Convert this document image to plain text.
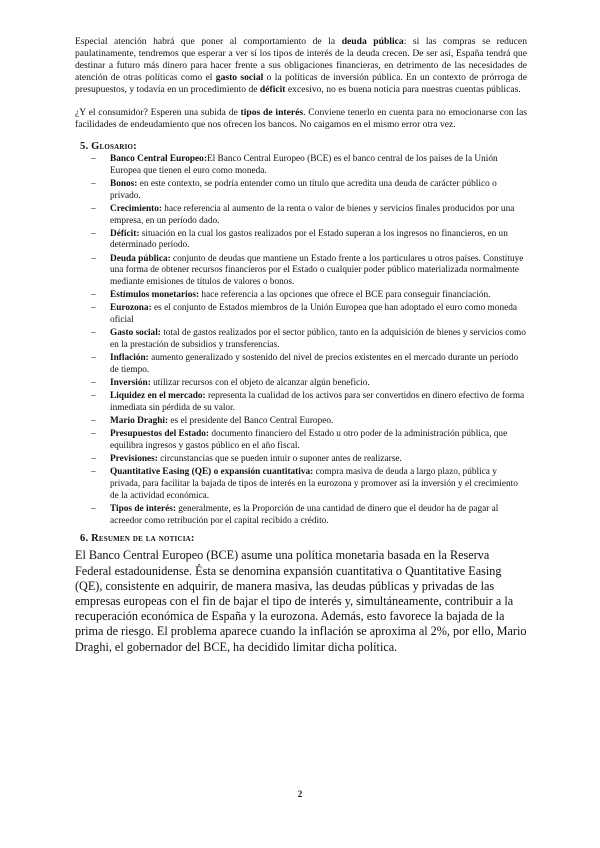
Especial atención habrá que poner al comportamiento de la deuda pública: si las compras se reducen paulatinamente, tendremos que esperar a ver sí los tipos de interés de la deuda crecen. De ser así, España tendrá que destinar a futuro más dinero para hacer frente a sus obligaciones financieras, en detrimento de las necesidades de atención de otras políticas como el gasto social o la políticas de inversión pública. En un contexto de prórroga de presupuestos, y todavía en un procedimiento de déficit excesivo, no es buena noticia para nuestras cuentas públicas.

¿Y el consumidor? Esperen una subida de tipos de interés. Conviene tenerlo en cuenta para no emocionarse con las facilidades de endeudamiento que nos ofrecen los bancos. No caigamos en el mismo error otra vez.

5. Glosario:
– Banco Central Europeo:El Banco Central Europeo (BCE) es el banco central de los países de la Unión Europea que tienen el euro como moneda.
– Bonos: en este contexto, se podría entender como un título que acredita una deuda de carácter público o privado.
– Crecimiento: hace referencia al aumento de la renta o valor de bienes y servicios finales producidos por una empresa, en un período dado.
– Déficit: situación en la cual los gastos realizados por el Estado superan a los ingresos no financieros, en un determinado período.
– Deuda pública: conjunto de deudas que mantiene un Estado frente a los particulares u otros países. Constituye una forma de obtener recursos financieros por el Estado o cualquier poder público materializada normalmente mediante emisiones de títulos de valores o bonos.
– Estímulos monetarios: hace referencia a las opciones que ofrece el BCE para conseguir financiación.
– Eurozona: es el conjunto de Estados miembros de la Unión Europea que han adoptado el euro como moneda oficial
– Gasto social: total de gastos realizados por el sector público, tanto en la adquisición de bienes y servicios como en la prestación de subsidios y transferencias.
– Inflación: aumento generalizado y sostenido del nivel de precios existentes en el mercado durante un período de tiempo.
– Inversión: utilizar recursos con el objeto de alcanzar algún beneficio.
– Liquidez en el mercado: representa la cualidad de los activos para ser convertidos en dinero efectivo de forma inmediata sin pérdida de su valor.
– Mario Draghi: es el presidente del Banco Central Europeo.
– Presupuestos del Estado: documento financiero del Estado u otro poder de la administración pública, que equilibra ingresos y gastos público en el año fiscal.
– Previsiones: circunstancias que se pueden intuir o suponer antes de realizarse.
– Quantitative Easing (QE) o expansión cuantitativa: compra masiva de deuda a largo plazo, pública y privada, para facilitar la bajada de tipos de interés en la eurozona y promover así la inversión y el crecimiento de la actividad económica.
– Tipos de interés: generalmente, es la Proporción de una cantidad de dinero que el deudor ha de pagar al acreedor como retribución por el capital recibido a crédito.
6. Resumen de la noticia:

El Banco Central Europeo (BCE) asume una política monetaria basada en la Reserva Federal estadounidense. Ésta se denomina expansión cuantitativa o Quantitative Easing (QE), consistente en adquirir, de manera masiva, las deudas públicas y privadas de las empresas europeas con el fin de bajar el tipo de interés y, simultáneamente, contribuir a la recuperación económica de España y la eurozona. Además, esto favorece la bajada de la prima de riesgo. El problema aparece cuando la inflación se aproxima al 2%, por ello, Mario Draghi, el gobernador del BCE, ha decidido limitar dicha política.

2
